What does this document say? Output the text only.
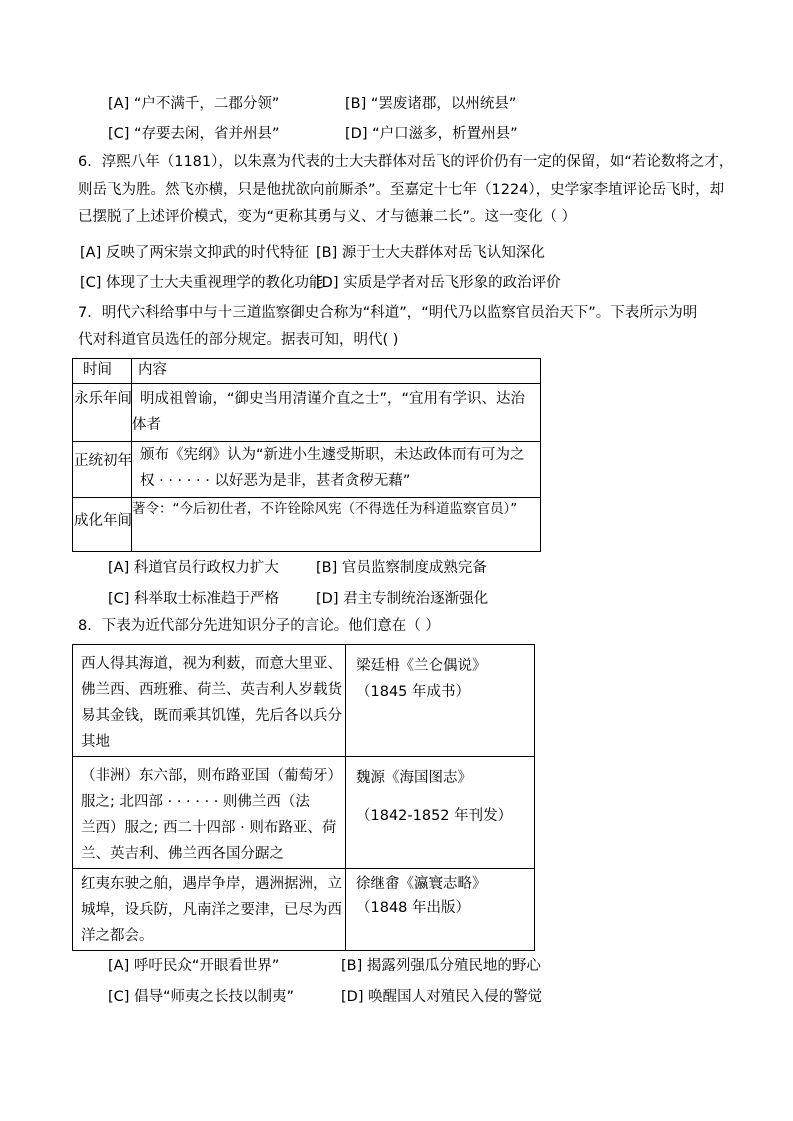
[A] “户不满千，二郡分领”	[B] “罢废诸郡，以州统县”
[C] “存要去闲，省并州县”	[D] “户口滋多，析置州县”
6．淳熙八年（1181），以朱熹为代表的士大夫群体对岳飞的评价仍有一定的保留，如“若论数将之才，
则岳飞为胜。然飞亦横，只是他扰欲向前厮杀”。至嘉定十七年（1224），史学家李埴评论岳飞时，却
已摆脱了上述评价模式，变为“更称其勇与义、才与德兼二长”。这一变化（ ）
[A] 反映了两宋崇文抑武的时代特征 [B] 源于士大夫群体对岳飞认知深化
[C] 体现了士大夫重视理学的教化功能
[D] 实质是学者对岳飞形象的政治评价
7．明代六科给事中与十三道监察御史合称为“科道”，“明代乃以监察官员治天下”。下表所示为明
代对科道官员选任的部分规定。据表可知，明代( )
时间	内容

永乐年间	明成祖曾谕，“御史当用清谨介直之士”，“宜用有学识、达治
体者

正统初年	颁布《宪纲》认为“新进小生遽受斯职，未达政体而有可为之
权 · · · · · · 以好恶为是非，甚者贪秽无藉”

成化年间	著令：“今后初仕者，不许铨除风宪（不得选任为科道监察官员）”
[A] 科道官员行政权力扩大	[B] 官员监察制度成熟完备
[C] 科举取士标准趋于严格	[D] 君主专制统治逐渐强化
8．下表为近代部分先进知识分子的言论。他们意在（ ）
西人得其海道，视为利薮，而意大里亚、
佛兰西、西班雅、荷兰、英吉利人岁载货
易其金钱，既而乘其饥馑，先后各以兵分
其地	梁廷枏《兰仑偶说》
（1845 年成书）

（非洲）东六部，则布路亚国（葡萄牙）
服之; 北四部 · · · · · · 则佛兰西（法
兰西）服之; 西二十四部 · 则布路亚、荷
兰、英吉利、佛兰西各国分踞之	魏源《海国图志》
（1842-1852 年刊发）

红夷东驶之舶，遇岸争岸，遇洲据洲，立
城埠，设兵防，凡南洋之要津，已尽为西
洋之都会。	徐继畬《瀛寰志略》
（1848 年出版）
[A] 呼吁民众“开眼看世界”	[B] 揭露列强瓜分殖民地的野心
[C] 倡导“师夷之长技以制夷”	[D] 唤醒国人对殖民入侵的警觉
